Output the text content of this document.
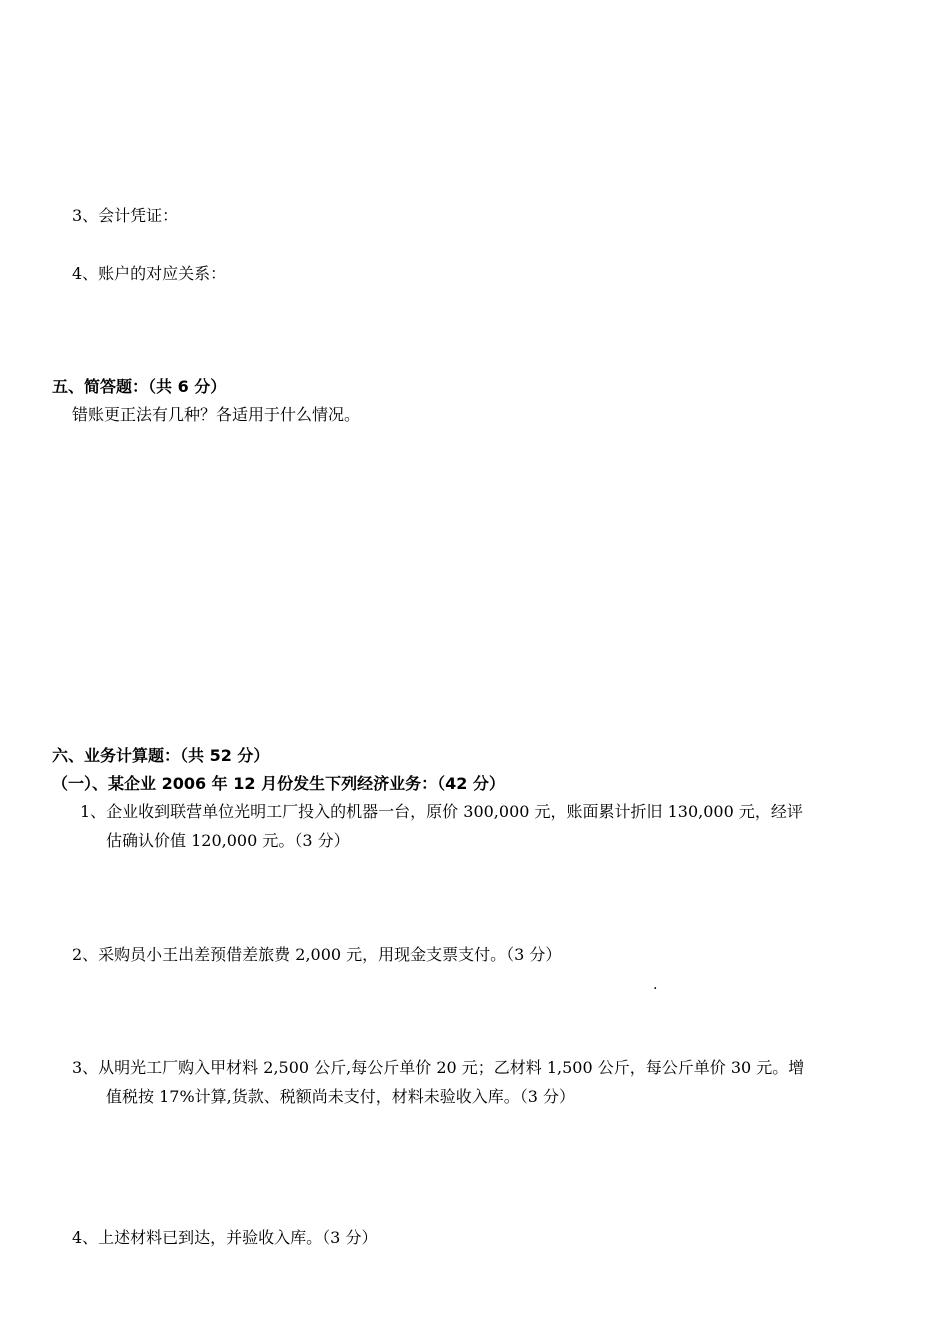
3、会计凭证：
4、账户的对应关系：
五、简答题：（共 6 分）
错账更正法有几种？各适用于什么情况。
六、业务计算题：（共 52 分）
（一）、某企业 2006 年 12 月份发生下列经济业务：（42 分）
1、企业收到联营单位光明工厂投入的机器一台，原价 300,000 元，账面累计折旧 130,000 元，经评
估确认价值 120,000 元。（3 分）
2、采购员小王出差预借差旅费 2,000 元，用现金支票支付。（3 分）
.
3、从明光工厂购入甲材料 2,500 公斤,每公斤单价 20 元；乙材料 1,500 公斤，每公斤单价 30 元。增
值税按 17%计算,货款、税额尚未支付，材料未验收入库。（3 分）
4、上述材料已到达，并验收入库。（3 分）
